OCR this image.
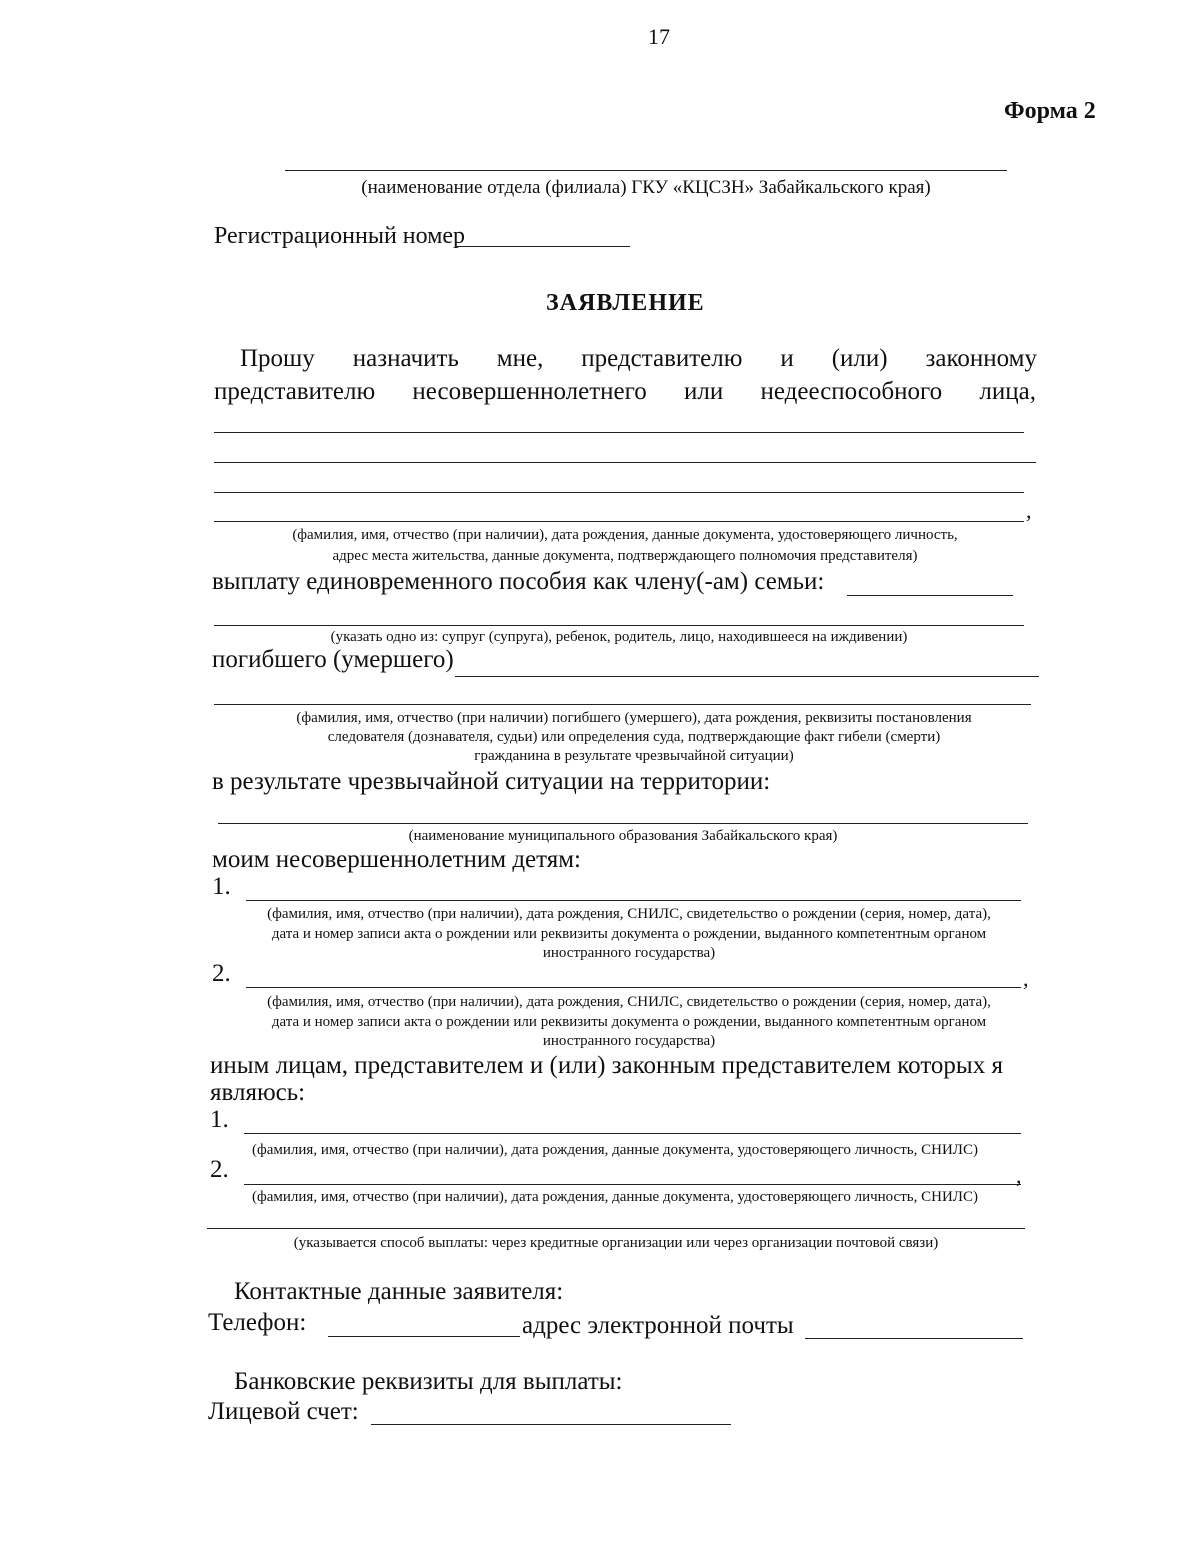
17
Форма 2
(наименование отдела (филиала) ГКУ «КЦСЗН» Забайкальского края)
Регистрационный номер
ЗАЯВЛЕНИЕ
Прошу назначить мне, представителю и (или) законному
представителю несовершеннолетнего или недееспособного лица,
,
(фамилия, имя, отчество (при наличии), дата рождения, данные документа, удостоверяющего личность,
адрес места жительства, данные документа, подтверждающего полномочия представителя)
выплату единовременного пособия как члену(-ам) семьи:
(указать одно из: супруг (супруга), ребенок, родитель, лицо, находившееся на иждивении)
погибшего (умершего)
(фамилия, имя, отчество (при наличии) погибшего (умершего), дата рождения, реквизиты постановления
следователя (дознавателя, судьи) или определения суда, подтверждающие факт гибели (смерти)
гражданина в результате чрезвычайной ситуации)
в результате чрезвычайной ситуации на территории:
(наименование муниципального образования Забайкальского края)
моим несовершеннолетним детям:
1.
(фамилия, имя, отчество (при наличии), дата рождения, СНИЛС, свидетельство о рождении (серия, номер, дата),
дата и номер записи акта о рождении или реквизиты документа о рождении, выданного компетентным органом
иностранного государства)
2.	,
(фамилия, имя, отчество (при наличии), дата рождения, СНИЛС, свидетельство о рождении (серия, номер, дата),
дата и номер записи акта о рождении или реквизиты документа о рождении, выданного компетентным органом
иностранного государства)
иным лицам, представителем и (или) законным представителем которых я
являюсь:
1.
(фамилия, имя, отчество (при наличии), дата рождения, данные документа, удостоверяющего личность, СНИЛС)
2.	,
(фамилия, имя, отчество (при наличии), дата рождения, данные документа, удостоверяющего личность, СНИЛС)
(указывается способ выплаты: через кредитные организации или через организации почтовой связи)
Контактные данные заявителя:
Телефон:	адрес электронной почты
Банковские реквизиты для выплаты:
Лицевой счет:
